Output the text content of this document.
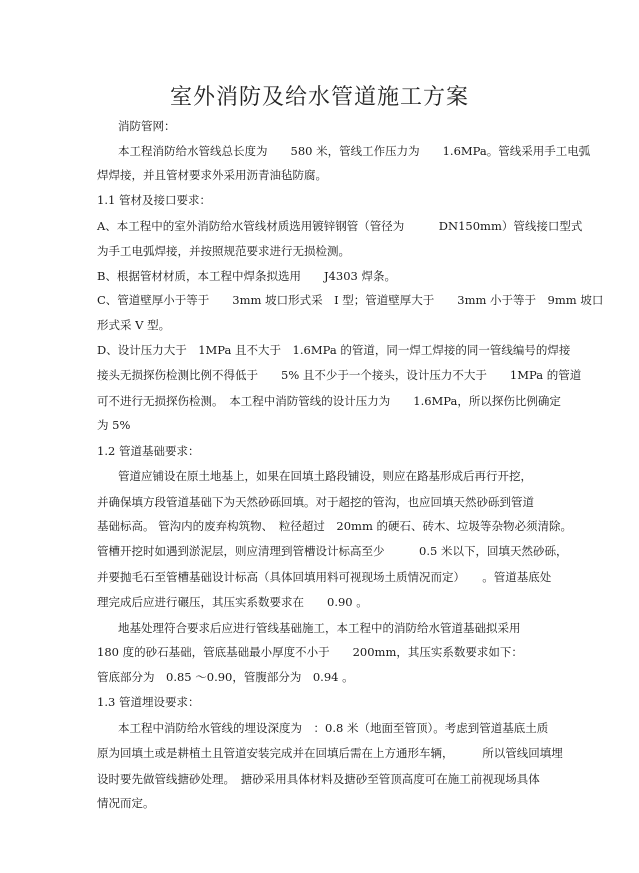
室外消防及给水管道施工方案
消防管网：
本工程消防给水管线总长度为　　580 米，管线工作压力为　　1.6MPa。管线采用手工电弧
焊焊接，并且管材要求外采用沥青油毡防腐。
1.1 管材及接口要求：
A、本工程中的室外消防给水管线材质选用镀锌钢管（管径为　　　DN150mm）管线接口型式
为手工电弧焊接，并按照规范要求进行无损检测。
B、根据管材材质，本工程中焊条拟选用　　J4303 焊条。
C、管道壁厚小于等于　　3mm 坡口形式采　I 型；管道壁厚大于　　3mm 小于等于　9mm 坡口
形式采 V 型。
D、设计压力大于　1MPa 且不大于　1.6MPa 的管道，同一焊工焊接的同一管线编号的焊接
接头无损探伤检测比例不得低于　　5% 且不少于一个接头，设计压力不大于　　1MPa 的管道
可不进行无损探伤检测。　本工程中消防管线的设计压力为　　1.6MPa，所以探伤比例确定
为 5%
1.2 管道基础要求：
管道应铺设在原土地基上，如果在回填土路段铺设，则应在路基形成后再行开挖，
并确保填方段管道基础下为天然砂砾回填。对于超挖的管沟，也应回填天然砂砾到管道
基础标高。 管沟内的废弃构筑物、　粒径超过　20mm 的硬石、砖木、垃圾等杂物必须清除。
管槽开挖时如遇到淤泥层，则应清理到管槽设计标高至少　　　0.5 米以下，回填天然砂砾，
并要抛毛石至管槽基础设计标高（具体回填用料可视现场土质情况而定）　　。管道基底处
理完成后应进行碾压，其压实系数要求在　　0.90 。
地基处理符合要求后应进行管线基础施工，本工程中的消防给水管道基础拟采用
180 度的砂石基础，管底基础最小厚度不小于　　200mm，其压实系数要求如下：
管底部分为　0.85 ～0.90，管腹部分为　0.94 。
1.3 管道埋设要求：
本工程中消防给水管线的埋设深度为　：0.8 米（地面至管顶）。考虑到管道基底土质
原为回填土或是耕植土且管道安装完成并在回填后需在上方通形车辆，　　　所以管线回填埋
设时要先做管线搪砂处理。　搪砂采用具体材料及搪砂至管顶高度可在施工前视现场具体
情况而定。
